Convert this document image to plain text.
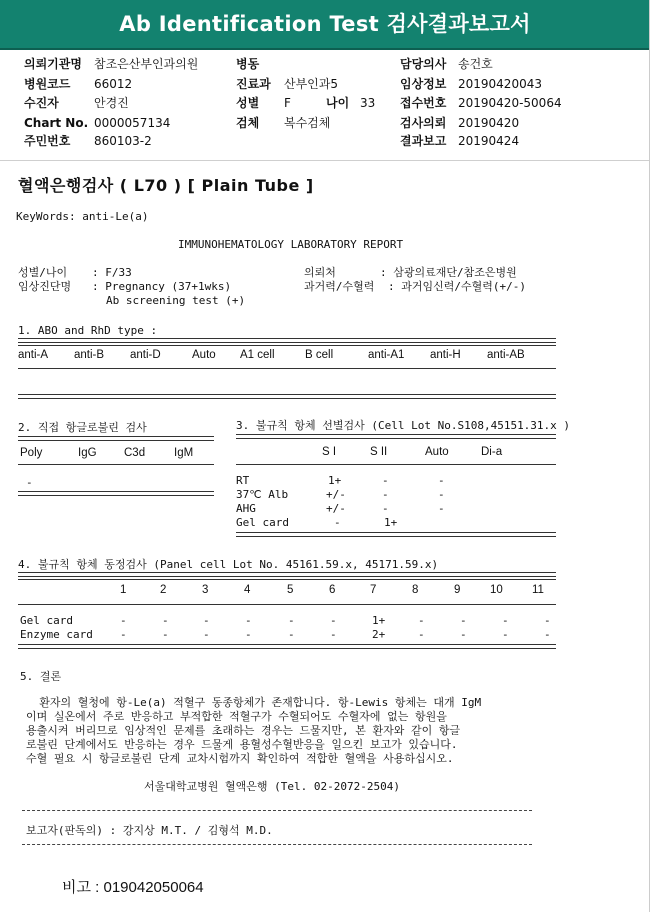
Ab Identification Test 검사결과보고서
의뢰기관명 참조은산부인과의원
병원코드 66012
수진자	안경진
Chart No. 0000057134
주민번호 860103-2
병동
진료과 산부인과5
성별 F	나이 33
검체 복수검체
담당의사 송건호
임상정보 20190420043
접수번호 20190420-50064
검사의뢰 20190420
결과보고 20190424
혈액은행검사 ( L70 ) [ Plain Tube ]
KeyWords: anti-Le(a)
IMMUNOHEMATOLOGY LABORATORY REPORT
성별/나이 : F/33
임상진단명 : Pregnancy (37+1wks)
Ab screening test (+)
의뢰처	: 삼광의료재단/참조은병원
과거력/수혈력 : 과거임신력/수혈력(+/-)
1. ABO and RhD type :
anti-A anti-B anti-D	Auto A1 cell	B cell	anti-A1 anti-H anti-AB
2. 직접 항글로불린 검사
Poly	IgG C3d	IgM
-
3. 불규칙 항체 선별검사 (Cell Lot No.S108,45151.31.x )
S I	S II	Auto	Di-a
RT	1+	-	-
37℃ Alb	+/-	-	-
AHG	+/-	-	-
Gel card	-	1+
4. 불규칙 항체 동정검사 (Panel cell Lot No. 45161.59.x, 45171.59.x)
1	2	3	4	5	6	7	8	9	10	11
Gel card	-	-	-	-	-	-	1+	-	-	-	-
Enzyme card -	-	-	-	-	-	2+	-	-	-	-
5. 결론
환자의 혈청에 항-Le(a) 적혈구 동종항체가 존재합니다. 항-Lewis 항체는 대개 IgM
이며 실온에서 주로 반응하고 부적합한 적혈구가 수혈되어도 수혈자에 없는 항원을
용출시켜 버리므로 임상적인 문제를 초래하는 경우는 드물지만, 본 환자와 같이 항글
로불린 단계에서도 반응하는 경우 드물게 용혈성수혈반응을 일으킨 보고가 있습니다.
수혈 필요 시 항글로불린 단계 교차시험까지 확인하여 적합한 혈액을 사용하십시오.
서울대학교병원 혈액은행 (Tel. 02-2072-2504)
보고자(판독의) : 강지상 M.T. / 김형석 M.D.
비고 : 019042050064
